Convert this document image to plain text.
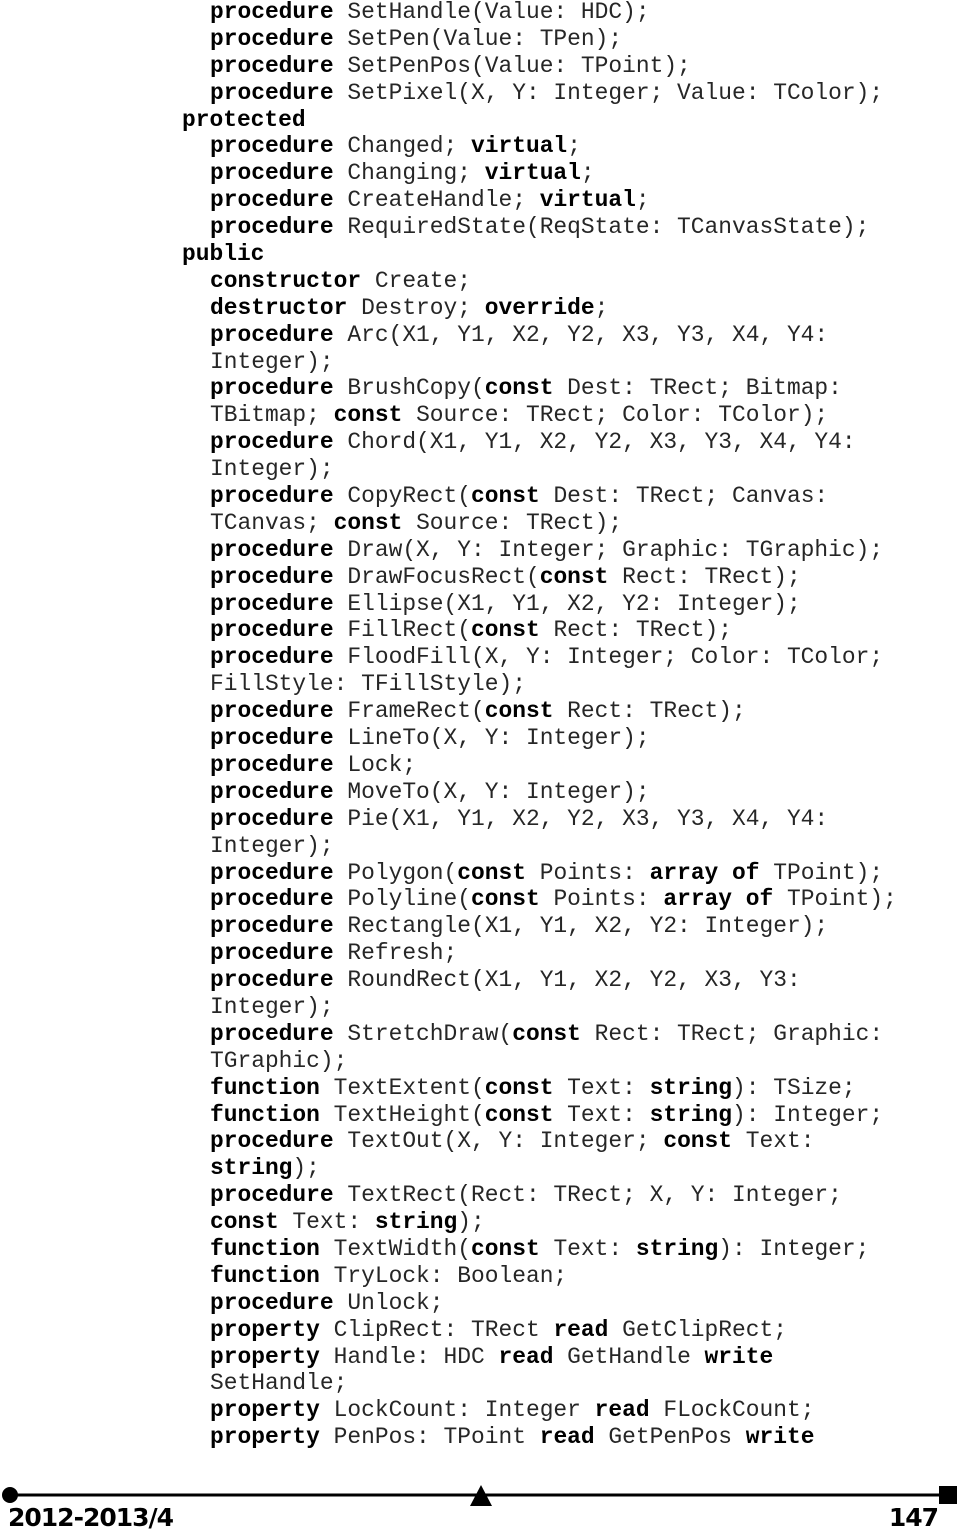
procedure SetHandle(Value: HDC);
procedure SetPen(Value: TPen);
procedure SetPenPos(Value: TPoint);
procedure SetPixel(X, Y: Integer; Value: TColor);
protected
procedure Changed; virtual;
procedure Changing; virtual;
procedure CreateHandle; virtual;
procedure RequiredState(ReqState: TCanvasState);
public
constructor Create;
destructor Destroy; override;
procedure Arc(X1, Y1, X2, Y2, X3, Y3, X4, Y4:
Integer);
procedure BrushCopy(const Dest: TRect; Bitmap:
TBitmap; const Source: TRect; Color: TColor);
procedure Chord(X1, Y1, X2, Y2, X3, Y3, X4, Y4:
Integer);
procedure CopyRect(const Dest: TRect; Canvas:
TCanvas; const Source: TRect);
procedure Draw(X, Y: Integer; Graphic: TGraphic);
procedure DrawFocusRect(const Rect: TRect);
procedure Ellipse(X1, Y1, X2, Y2: Integer);
procedure FillRect(const Rect: TRect);
procedure FloodFill(X, Y: Integer; Color: TColor;
FillStyle: TFillStyle);
procedure FrameRect(const Rect: TRect);
procedure LineTo(X, Y: Integer);
procedure Lock;
procedure MoveTo(X, Y: Integer);
procedure Pie(X1, Y1, X2, Y2, X3, Y3, X4, Y4:
Integer);
procedure Polygon(const Points: array of TPoint);
procedure Polyline(const Points: array of TPoint);
procedure Rectangle(X1, Y1, X2, Y2: Integer);
procedure Refresh;
procedure RoundRect(X1, Y1, X2, Y2, X3, Y3:
Integer);
procedure StretchDraw(const Rect: TRect; Graphic:
TGraphic);
function TextExtent(const Text: string): TSize;
function TextHeight(const Text: string): Integer;
procedure TextOut(X, Y: Integer; const Text:
string);
procedure TextRect(Rect: TRect; X, Y: Integer;
const Text: string);
function TextWidth(const Text: string): Integer;
function TryLock: Boolean;
procedure Unlock;
property ClipRect: TRect read GetClipRect;
property Handle: HDC read GetHandle write
SetHandle;
property LockCount: Integer read FLockCount;
property PenPos: TPoint read GetPenPos write
2012-2013/4	147
